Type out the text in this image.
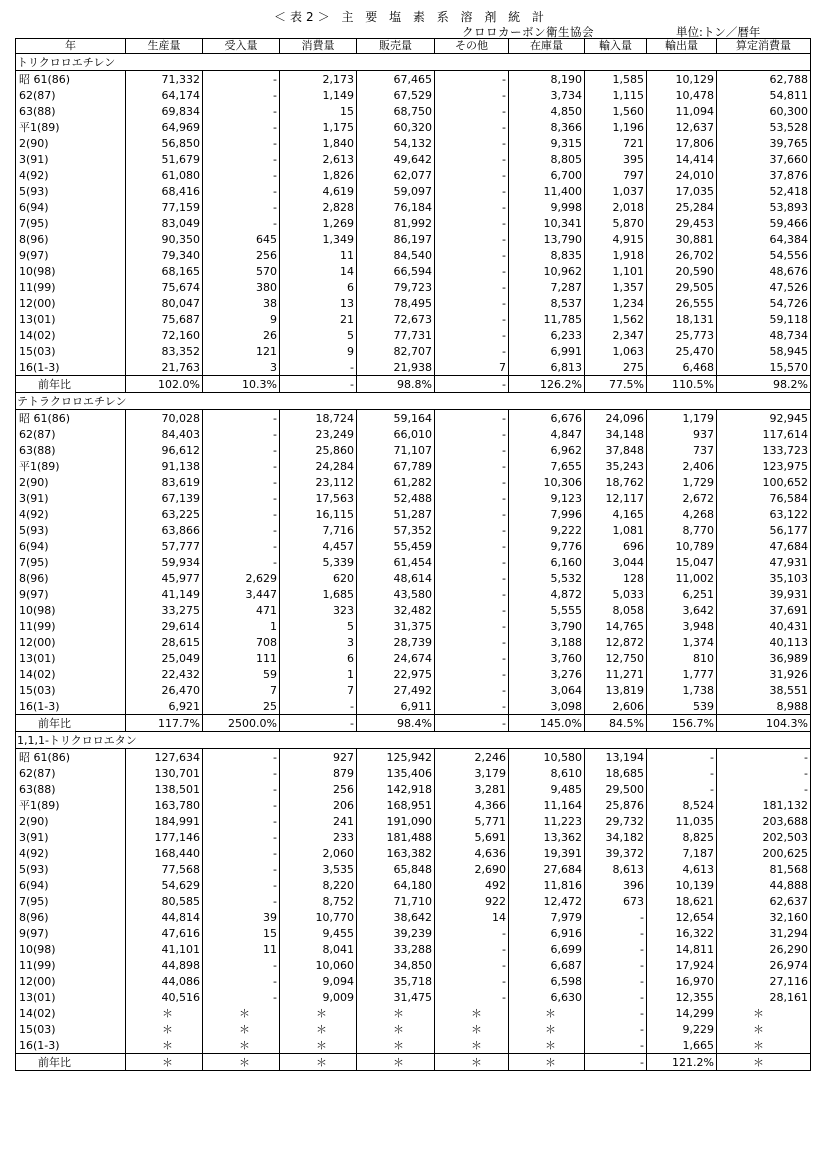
＜表2＞ 主 要 塩 素 系 溶 剤 統 計
クロロカーボン衛生協会	単位:トン／暦年
年	生産量	受入量	消費量	販売量	その他	在庫量	輸入量	輸出量	算定消費量
トリクロロエチレン									
昭 61(86)	71,332	-	2,173	67,465	-	8,190	1,585	10,129	62,788
62(87)	64,174	-	1,149	67,529	-	3,734	1,115	10,478	54,811
63(88)	69,834	-	15	68,750	-	4,850	1,560	11,094	60,300
平1(89)	64,969	-	1,175	60,320	-	8,366	1,196	12,637	53,528
2(90)	56,850	-	1,840	54,132	-	9,315	721	17,806	39,765
3(91)	51,679	-	2,613	49,642	-	8,805	395	14,414	37,660
4(92)	61,080	-	1,826	62,077	-	6,700	797	24,010	37,876
5(93)	68,416	-	4,619	59,097	-	11,400	1,037	17,035	52,418
6(94)	77,159	-	2,828	76,184	-	9,998	2,018	25,284	53,893
7(95)	83,049	-	1,269	81,992	-	10,341	5,870	29,453	59,466
8(96)	90,350	645	1,349	86,197	-	13,790	4,915	30,881	64,384
9(97)	79,340	256	11	84,540	-	8,835	1,918	26,702	54,556
10(98)	68,165	570	14	66,594	-	10,962	1,101	20,590	48,676
11(99)	75,674	380	6	79,723	-	7,287	1,357	29,505	47,526
12(00)	80,047	38	13	78,495	-	8,537	1,234	26,555	54,726
13(01)	75,687	9	21	72,673	-	11,785	1,562	18,131	59,118
14(02)	72,160	26	5	77,731	-	6,233	2,347	25,773	48,734
15(03)	83,352	121	9	82,707	-	6,991	1,063	25,470	58,945
16(1-3)	21,763	3	-	21,938	7	6,813	275	6,468	15,570
前年比	102.0%	10.3%	-	98.8%	-	126.2%	77.5%	110.5%	98.2%
テトラクロロエチレン									
昭 61(86)	70,028	-	18,724	59,164	-	6,676	24,096	1,179	92,945
62(87)	84,403	-	23,249	66,010	-	4,847	34,148	937	117,614
63(88)	96,612	-	25,860	71,107	-	6,962	37,848	737	133,723
平1(89)	91,138	-	24,284	67,789	-	7,655	35,243	2,406	123,975
2(90)	83,619	-	23,112	61,282	-	10,306	18,762	1,729	100,652
3(91)	67,139	-	17,563	52,488	-	9,123	12,117	2,672	76,584
4(92)	63,225	-	16,115	51,287	-	7,996	4,165	4,268	63,122
5(93)	63,866	-	7,716	57,352	-	9,222	1,081	8,770	56,177
6(94)	57,777	-	4,457	55,459	-	9,776	696	10,789	47,684
7(95)	59,934	-	5,339	61,454	-	6,160	3,044	15,047	47,931
8(96)	45,977	2,629	620	48,614	-	5,532	128	11,002	35,103
9(97)	41,149	3,447	1,685	43,580	-	4,872	5,033	6,251	39,931
10(98)	33,275	471	323	32,482	-	5,555	8,058	3,642	37,691
11(99)	29,614	1	5	31,375	-	3,790	14,765	3,948	40,431
12(00)	28,615	708	3	28,739	-	3,188	12,872	1,374	40,113
13(01)	25,049	111	6	24,674	-	3,760	12,750	810	36,989
14(02)	22,432	59	1	22,975	-	3,276	11,271	1,777	31,926
15(03)	26,470	7	7	27,492	-	3,064	13,819	1,738	38,551
16(1-3)	6,921	25	-	6,911	-	3,098	2,606	539	8,988
前年比	117.7%	2500.0%	-	98.4%	-	145.0%	84.5%	156.7%	104.3%
1,1,1-トリクロロエタン									
昭 61(86)	127,634	-	927	125,942	2,246	10,580	13,194	-	-
62(87)	130,701	-	879	135,406	3,179	8,610	18,685	-	-
63(88)	138,501	-	256	142,918	3,281	9,485	29,500	-	-
平1(89)	163,780	-	206	168,951	4,366	11,164	25,876	8,524	181,132
2(90)	184,991	-	241	191,090	5,771	11,223	29,732	11,035	203,688
3(91)	177,146	-	233	181,488	5,691	13,362	34,182	8,825	202,503
4(92)	168,440	-	2,060	163,382	4,636	19,391	39,372	7,187	200,625
5(93)	77,568	-	3,535	65,848	2,690	27,684	8,613	4,613	81,568
6(94)	54,629	-	8,220	64,180	492	11,816	396	10,139	44,888
7(95)	80,585	-	8,752	71,710	922	12,472	673	18,621	62,637
8(96)	44,814	39	10,770	38,642	14	7,979	-	12,654	32,160
9(97)	47,616	15	9,455	39,239	-	6,916	-	16,322	31,294
10(98)	41,101	11	8,041	33,288	-	6,699	-	14,811	26,290
11(99)	44,898	-	10,060	34,850	-	6,687	-	17,924	26,974
12(00)	44,086	-	9,094	35,718	-	6,598	-	16,970	27,116
13(01)	40,516	-	9,009	31,475	-	6,630	-	12,355	28,161
14(02)	＊	＊	＊	＊	＊	＊	-	14,299	＊
15(03)	＊	＊	＊	＊	＊	＊	-	9,229	＊
16(1-3)	＊	＊	＊	＊	＊	＊	-	1,665	＊
前年比	＊	＊	＊	＊	＊	＊	-	121.2%	＊
